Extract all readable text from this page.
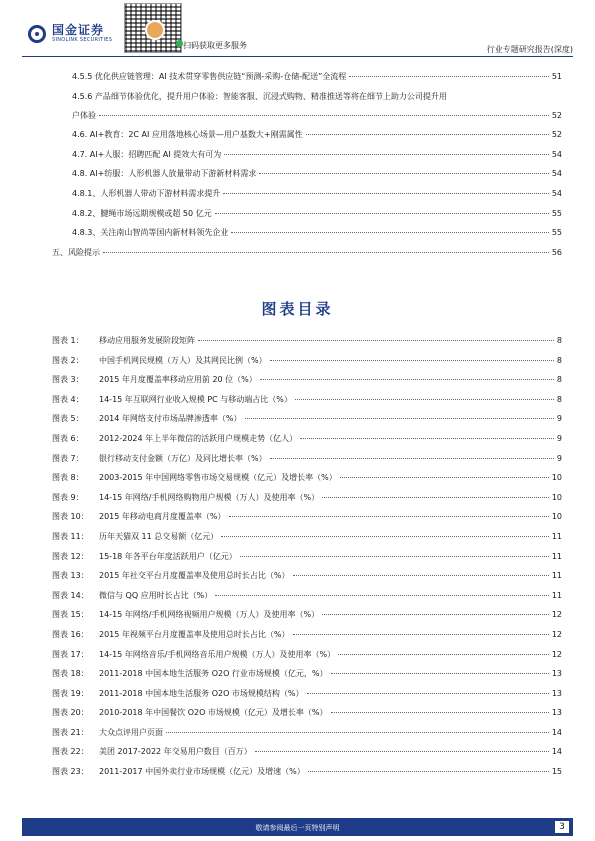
国金证券
SINOLINK SECURITIES
扫码获取更多服务	行业专题研究报告(深度)
4.5.5 优化供应链管理：AI 技术贯穿零售供应链“预测-采购-仓储-配送”全流程	51
4.5.6 产品细节体验优化，提升用户体验：智能客服、沉浸式购物、精准推送等将在细节上助力公司提升用
户体验	52
4.6. AI+教育：2C AI 应用落地核心场景—用户基数大+刚需属性	52
4.7. AI+人服：招聘匹配 AI 提效大有可为	54
4.8. AI+纺服：人形机器人放量带动下游新材料需求	54
4.8.1、人形机器人带动下游材料需求提升	54
4.8.2、腱绳市场远期规模或超 50 亿元	55
4.8.3、关注南山智尚等国内新材料领先企业	55
五、风险提示	56
图表目录
图表 1：	移动应用服务发展阶段矩阵	8
图表 2：	中国手机网民规模（万人）及其网民比例（%）	8
图表 3：	2015 年月度覆盖率移动应用前 20 位（%）	8
图表 4：	14-15 年互联网行业收入规模 PC 与移动端占比（%）	8
图表 5：	2014 年网络支付市场品牌渗透率（%）	9
图表 6：	2012-2024 年上半年微信的活跃用户规模走势（亿人）	9
图表 7：	银行移动支付金额（万亿）及同比增长率（%）	9
图表 8：	2003-2015 年中国网络零售市场交易规模（亿元）及增长率（%）	10
图表 9：	14-15 年网络/手机网络购物用户规模（万人）及使用率（%）	10
图表 10：	2015 年移动电商月度覆盖率（%）	10
图表 11：	历年天猫双 11 总交易额（亿元）	11
图表 12：	15-18 年各平台年度活跃用户（亿元）	11
图表 13：	2015 年社交平台月度覆盖率及使用总时长占比（%）	11
图表 14：	微信与 QQ 应用时长占比（%）	11
图表 15：	14-15 年网络/手机网络视频用户规模（万人）及使用率（%）	12
图表 16：	2015 年视频平台月度覆盖率及使用总时长占比（%）	12
图表 17：	14-15 年网络音乐/手机网络音乐用户规模（万人）及使用率（%）	12
图表 18：	2011-2018 中国本地生活服务 O2O 行业市场规模（亿元，%）	13
图表 19：	2011-2018 中国本地生活服务 O2O 市场规模结构（%）	13
图表 20：	2010-2018 年中国餐饮 O2O 市场规模（亿元）及增长率（%）	13
图表 21：	大众点评用户页面	14
图表 22：	美团 2017-2022 年交易用户数目（百万）	14
图表 23：	2011-2017 中国外卖行业市场规模（亿元）及增速（%）	15
敬请参阅最后一页特别声明	3
